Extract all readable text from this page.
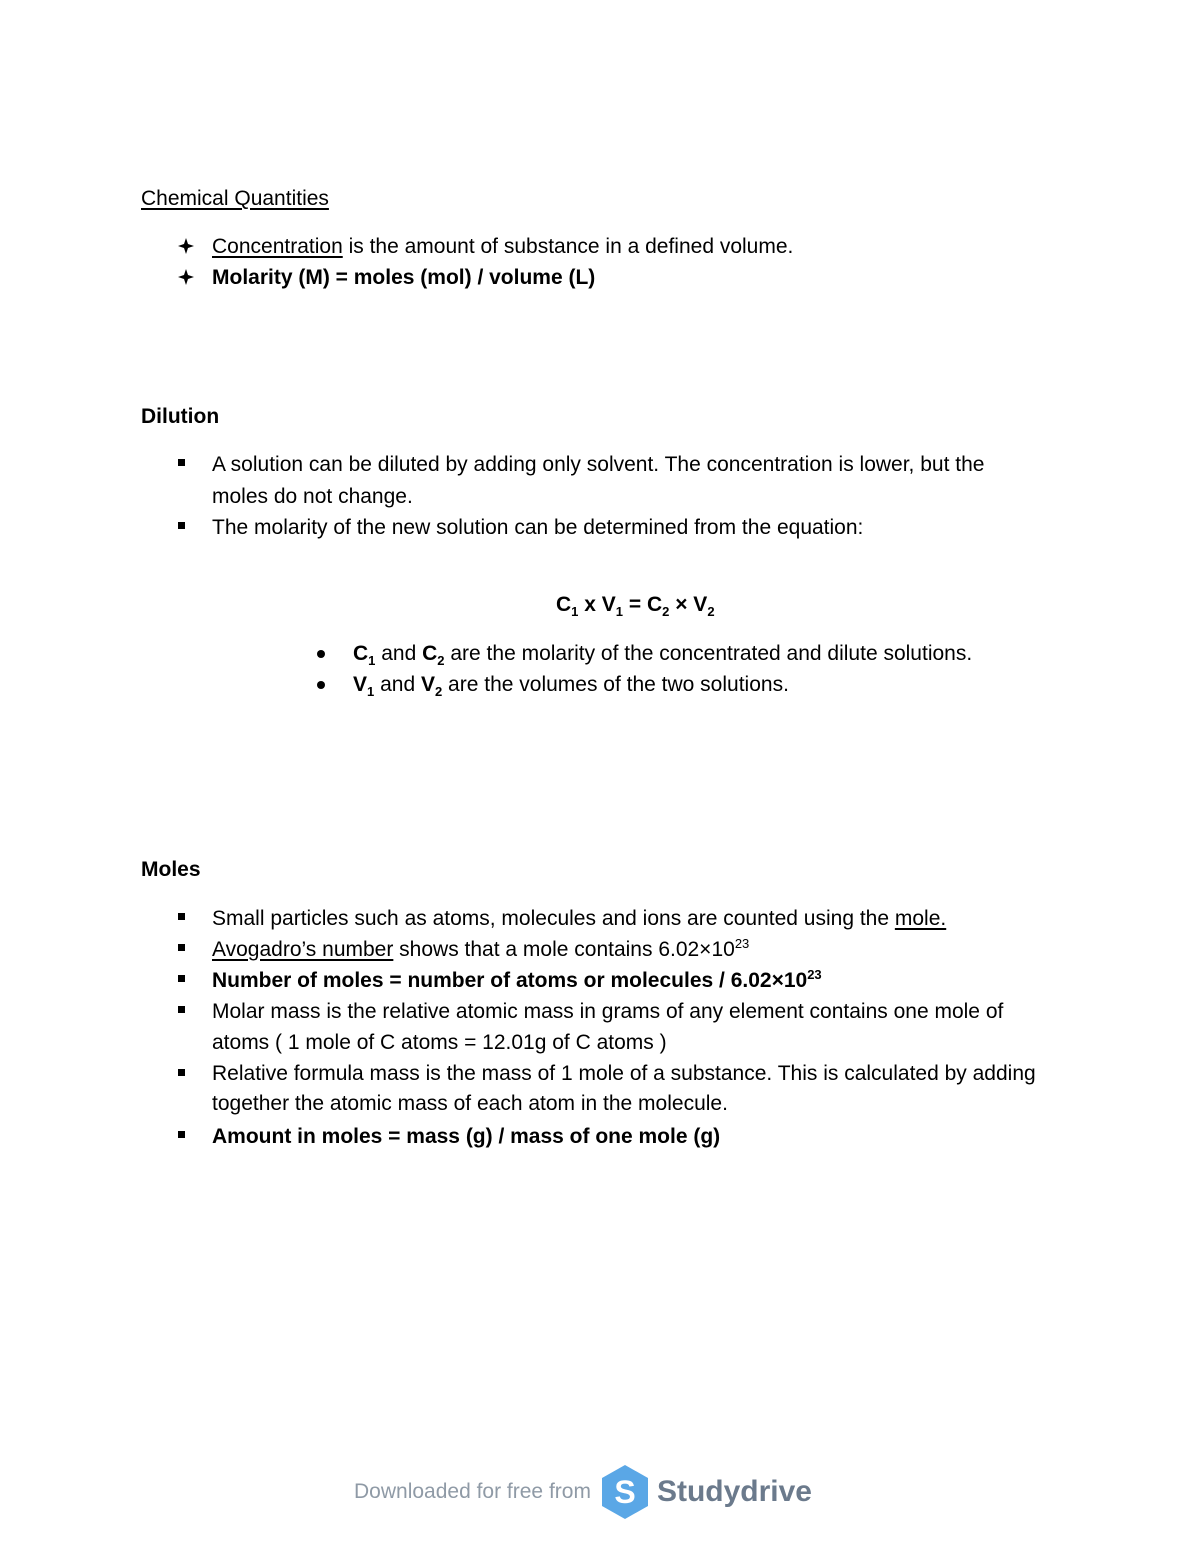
Chemical Quantities
Concentration is the amount of substance in a defined volume.
Molarity (M) = moles (mol) / volume (L)
Dilution
A solution can be diluted by adding only solvent. The concentration is lower, but the
moles do not change.
The molarity of the new solution can be determined from the equation:
$C_1$ x $V_1 = C_2 \times V_2$
$C_1$ and $C_2$ are the molarity of the concentrated and dilute solutions.
$V_1$ and $V_2$ are the volumes of the two solutions.
Moles
Small particles such as atoms, molecules and ions are counted using the mole.
Avogadro’s number shows that a mole contains $6.02\times 10^{23}$
Number of moles = number of atoms or molecules / $6.02\times 10^{23}$
Molar mass is the relative atomic mass in grams of any element contains one mole of
atoms ( 1 mole of C atoms = 12.01g of C atoms )
Relative formula mass is the mass of 1 mole of a substance. This is calculated by adding
together the atomic mass of each atom in the molecule.
Amount in moles = mass (g) / mass of one mole (g)
Downloaded for free from S Studydrive
